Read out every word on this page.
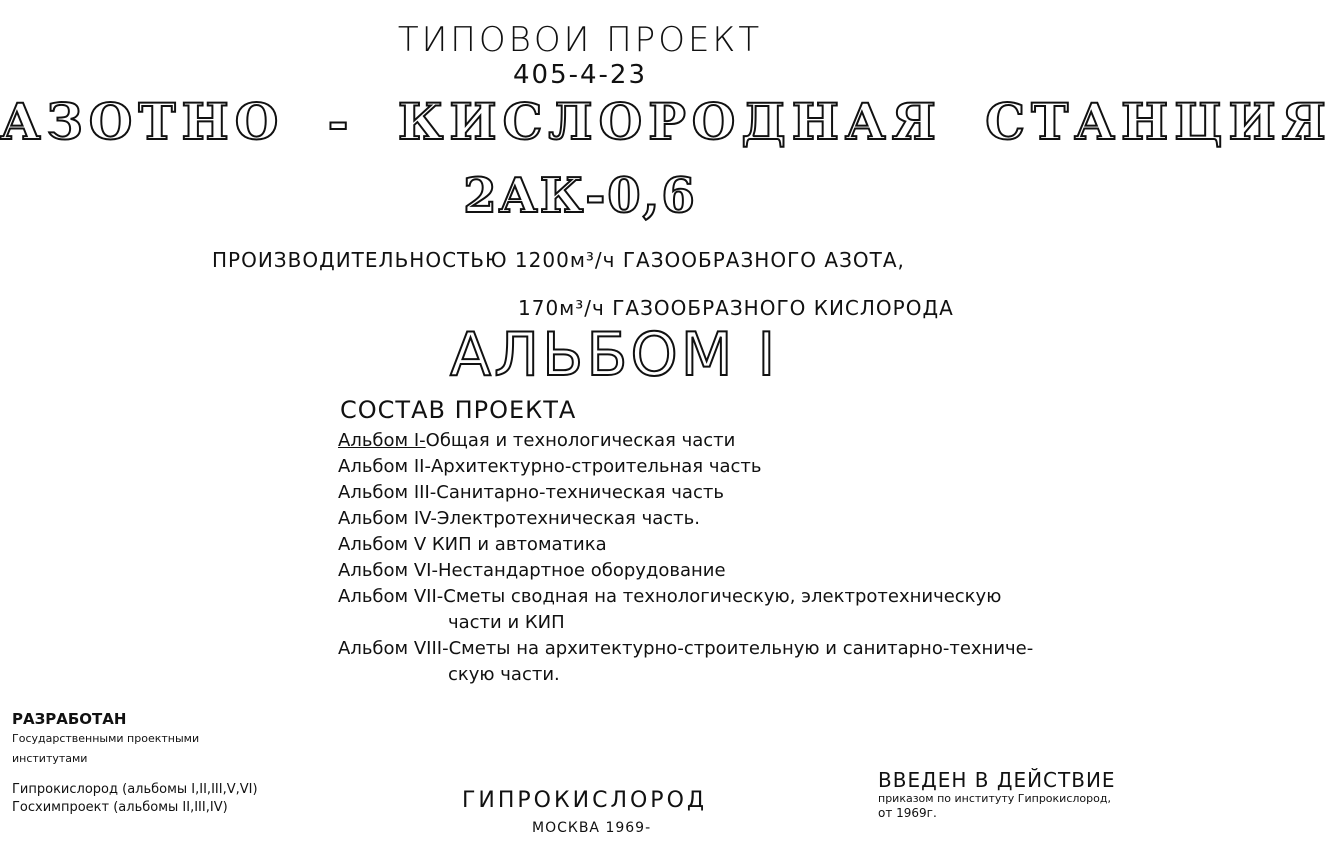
ТИПОВОИ ПРОЕКТ
405-4-23
АЗОТНО - КИСЛОРОДНАЯ СТАНЦИЯ
2АК-0,6
ПРОИЗВОДИТЕЛЬНОСТЬЮ 1200м³/ч ГАЗООБРАЗНОГО АЗОТА,
170м³/ч ГАЗООБРАЗНОГО КИСЛОРОДА
АЛЬБОМ I
СОСТАВ ПРОЕКТА
Альбом I-Общая и технологическая части
Альбом II-Архитектурно-строительная часть
Альбом III-Санитарно-техническая часть
Альбом IV-Электротехническая часть.
Альбом V КИП и автоматика
Альбом VI-Нестандартное оборудование
Альбом VII-Сметы сводная на технологическую, электротехническую
части и КИП
Альбом VIII-Сметы на архитектурно-строительную и санитарно-техниче-
скую части.
РАЗРАБОТАН
Государственными проектными
институтами
Гипрокислород (альбомы I,II,III,V,VI)
Госхимпроект (альбомы II,III,IV)
ВВЕДЕН В ДЕЙСТВИЕ
приказом по институту Гипрокислород,
от 1969г.
ГИПРОКИСЛОРОД
МОСКВА 1969-
